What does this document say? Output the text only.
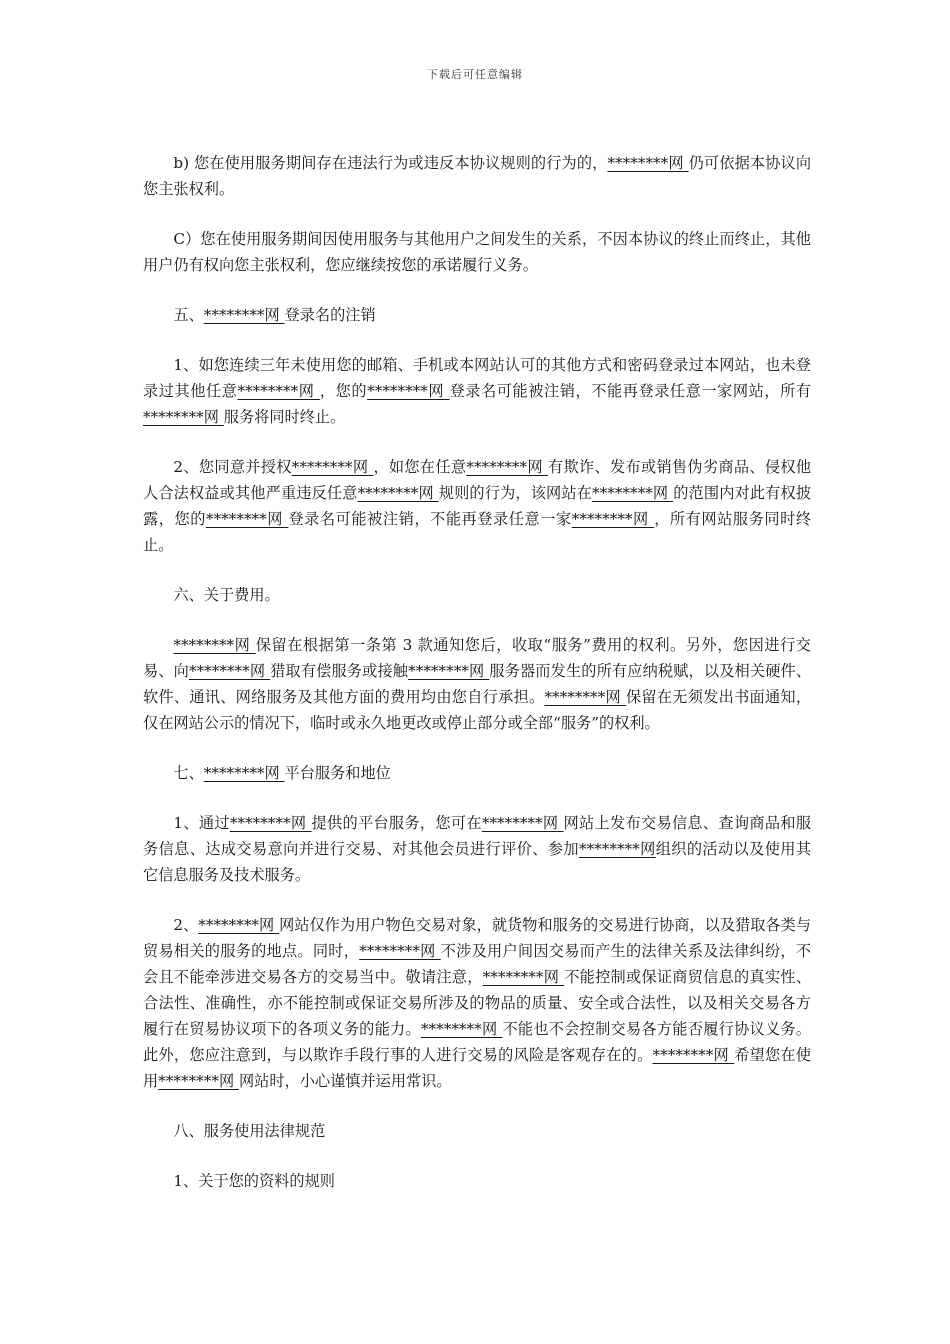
下载后可任意编辑

b) 您在使用服务期间存在违法行为或违反本协议规则的行为的，********网 仍可依据本协议向您主张权利。

C）您在使用服务期间因使用服务与其他用户之间发生的关系，不因本协议的终止而终止，其他用户仍有权向您主张权利，您应继续按您的承诺履行义务。

五、********网 登录名的注销

1、如您连续三年未使用您的邮箱、手机或本网站认可的其他方式和密码登录过本网站，也未登录过其他任意********网 ，您的********网 登录名可能被注销，不能再登录任意一家网站，所有********网 服务将同时终止。

2、您同意并授权********网 ，如您在任意********网 有欺诈、发布或销售伪劣商品、侵权他人合法权益或其他严重违反任意********网 规则的行为，该网站在********网 的范围内对此有权披露，您的********网 登录名可能被注销，不能再登录任意一家********网 ，所有网站服务同时终止。

六、关于费用。

********网 保留在根据第一条第 3 款通知您后，收取“服务”费用的权利。另外，您因进行交易、向********网 猎取有偿服务或接触********网 服务器而发生的所有应纳税赋，以及相关硬件、软件、通讯、网络服务及其他方面的费用均由您自行承担。********网 保留在无须发出书面通知，仅在网站公示的情况下，临时或永久地更改或停止部分或全部“服务”的权利。

七、********网 平台服务和地位

1、通过********网 提供的平台服务，您可在********网 网站上发布交易信息、查询商品和服务信息、达成交易意向并进行交易、对其他会员进行评价、参加********网组织的活动以及使用其它信息服务及技术服务。

2、********网 网站仅作为用户物色交易对象，就货物和服务的交易进行协商，以及猎取各类与贸易相关的服务的地点。同时，********网 不涉及用户间因交易而产生的法律关系及法律纠纷，不会且不能牵涉进交易各方的交易当中。敬请注意，********网 不能控制或保证商贸信息的真实性、合法性、准确性，亦不能控制或保证交易所涉及的物品的质量、安全或合法性，以及相关交易各方履行在贸易协议项下的各项义务的能力。********网 不能也不会控制交易各方能否履行协议义务。此外，您应注意到，与以欺诈手段行事的人进行交易的风险是客观存在的。********网 希望您在使用********网 网站时，小心谨慎并运用常识。

八、服务使用法律规范

1、关于您的资料的规则
